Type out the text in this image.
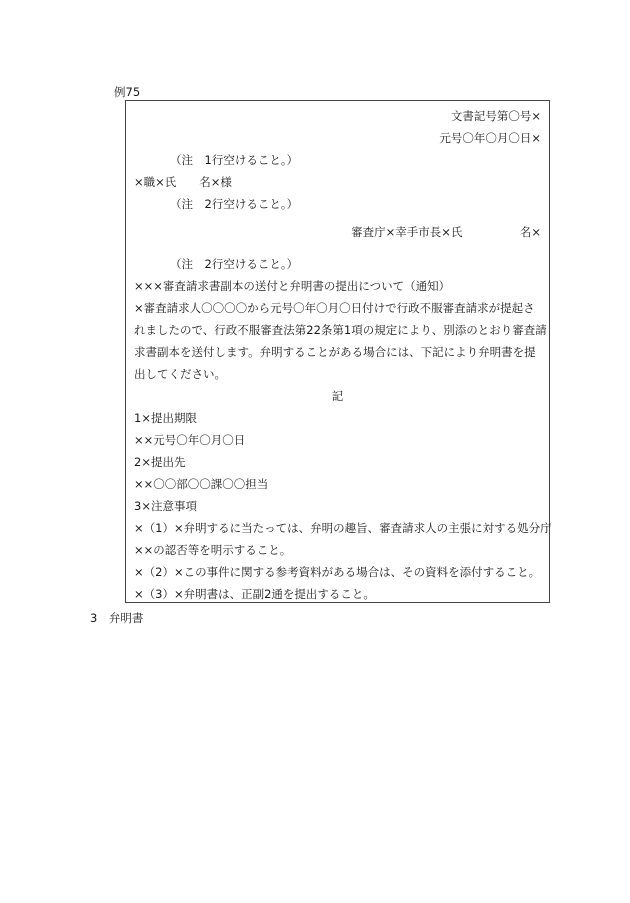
例75
文書記号第〇号×
元号〇年〇月〇日×
（注　1行空けること。）
×職×氏　　名×様
（注　2行空けること。）
審査庁×幸手市長×氏　　　　　名×
（注　2行空けること。）
×××審査請求書副本の送付と弁明書の提出について（通知）
×審査請求人〇〇〇〇から元号〇年〇月〇日付けで行政不服審査請求が提起さ
れましたので、行政不服審査法第22条第1項の規定により、別添のとおり審査請
求書副本を送付します。弁明することがある場合には、下記により弁明書を提
出してください。
記
1×提出期限
××元号〇年〇月〇日
2×提出先
××〇〇部〇〇課〇〇担当
3×注意事項
×（1）×弁明するに当たっては、弁明の趣旨、審査請求人の主張に対する処分庁
××の認否等を明示すること。
×（2）×この事件に関する参考資料がある場合は、その資料を添付すること。
×（3）×弁明書は、正副2通を提出すること。
3　弁明書
